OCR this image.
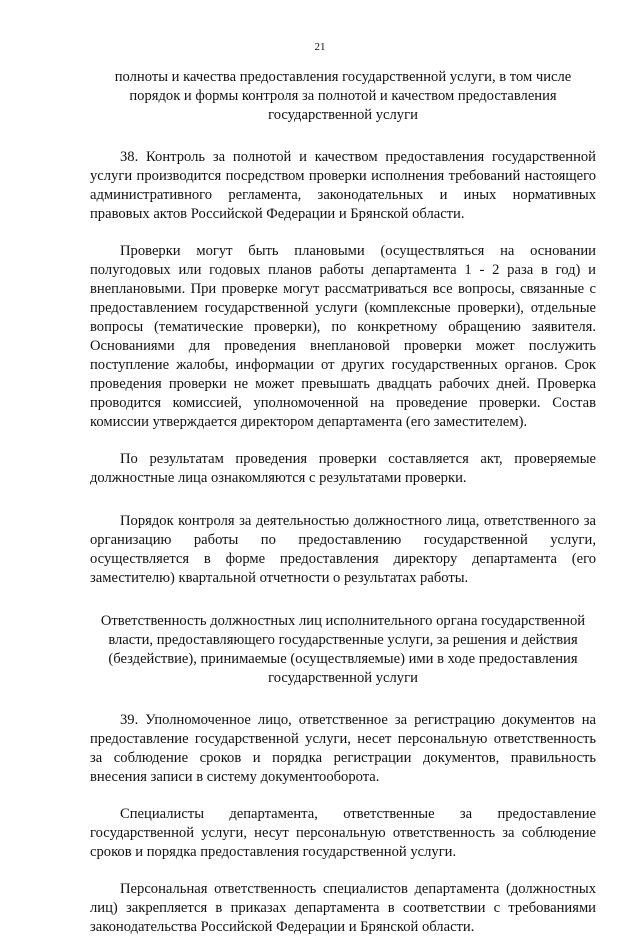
21

полноты и качества предоставления государственной услуги, в том числе порядок и формы контроля за полнотой и качеством предоставления государственной услуги

38. Контроль за полнотой и качеством предоставления государственной услуги производится посредством проверки исполнения требований настоящего административного регламента, законодательных и иных нормативных правовых актов Российской Федерации и Брянской области.

Проверки могут быть плановыми (осуществляться на основании полугодовых или годовых планов работы департамента 1 - 2 раза в год) и внеплановыми. При проверке могут рассматриваться все вопросы, связанные с предоставлением государственной услуги (комплексные проверки), отдельные вопросы (тематические проверки), по конкретному обращению заявителя. Основаниями для проведения внеплановой проверки может послужить поступление жалобы, информации от других государственных органов. Срок проведения проверки не может превышать двадцать рабочих дней. Проверка проводится комиссией, уполномоченной на проведение проверки. Состав комиссии утверждается директором департамента (его заместителем).

По результатам проведения проверки составляется акт, проверяемые должностные лица ознакомляются с результатами проверки.

Порядок контроля за деятельностью должностного лица, ответственного за организацию работы по предоставлению государственной услуги, осуществляется в форме предоставления директору департамента (его заместителю) квартальной отчетности о результатах работы.

Ответственность должностных лиц исполнительного органа государственной власти, предоставляющего государственные услуги, за решения и действия (бездействие), принимаемые (осуществляемые) ими в ходе предоставления государственной услуги

39. Уполномоченное лицо, ответственное за регистрацию документов на предоставление государственной услуги, несет персональную ответственность за соблюдение сроков и порядка регистрации документов, правильность внесения записи в систему документооборота.

Специалисты департамента, ответственные за предоставление государственной услуги, несут персональную ответственность за соблюдение сроков и порядка предоставления государственной услуги.

Персональная ответственность специалистов департамента (должностных лиц) закрепляется в приказах департамента в соответствии с требованиями законодательства Российской Федерации и Брянской области.
